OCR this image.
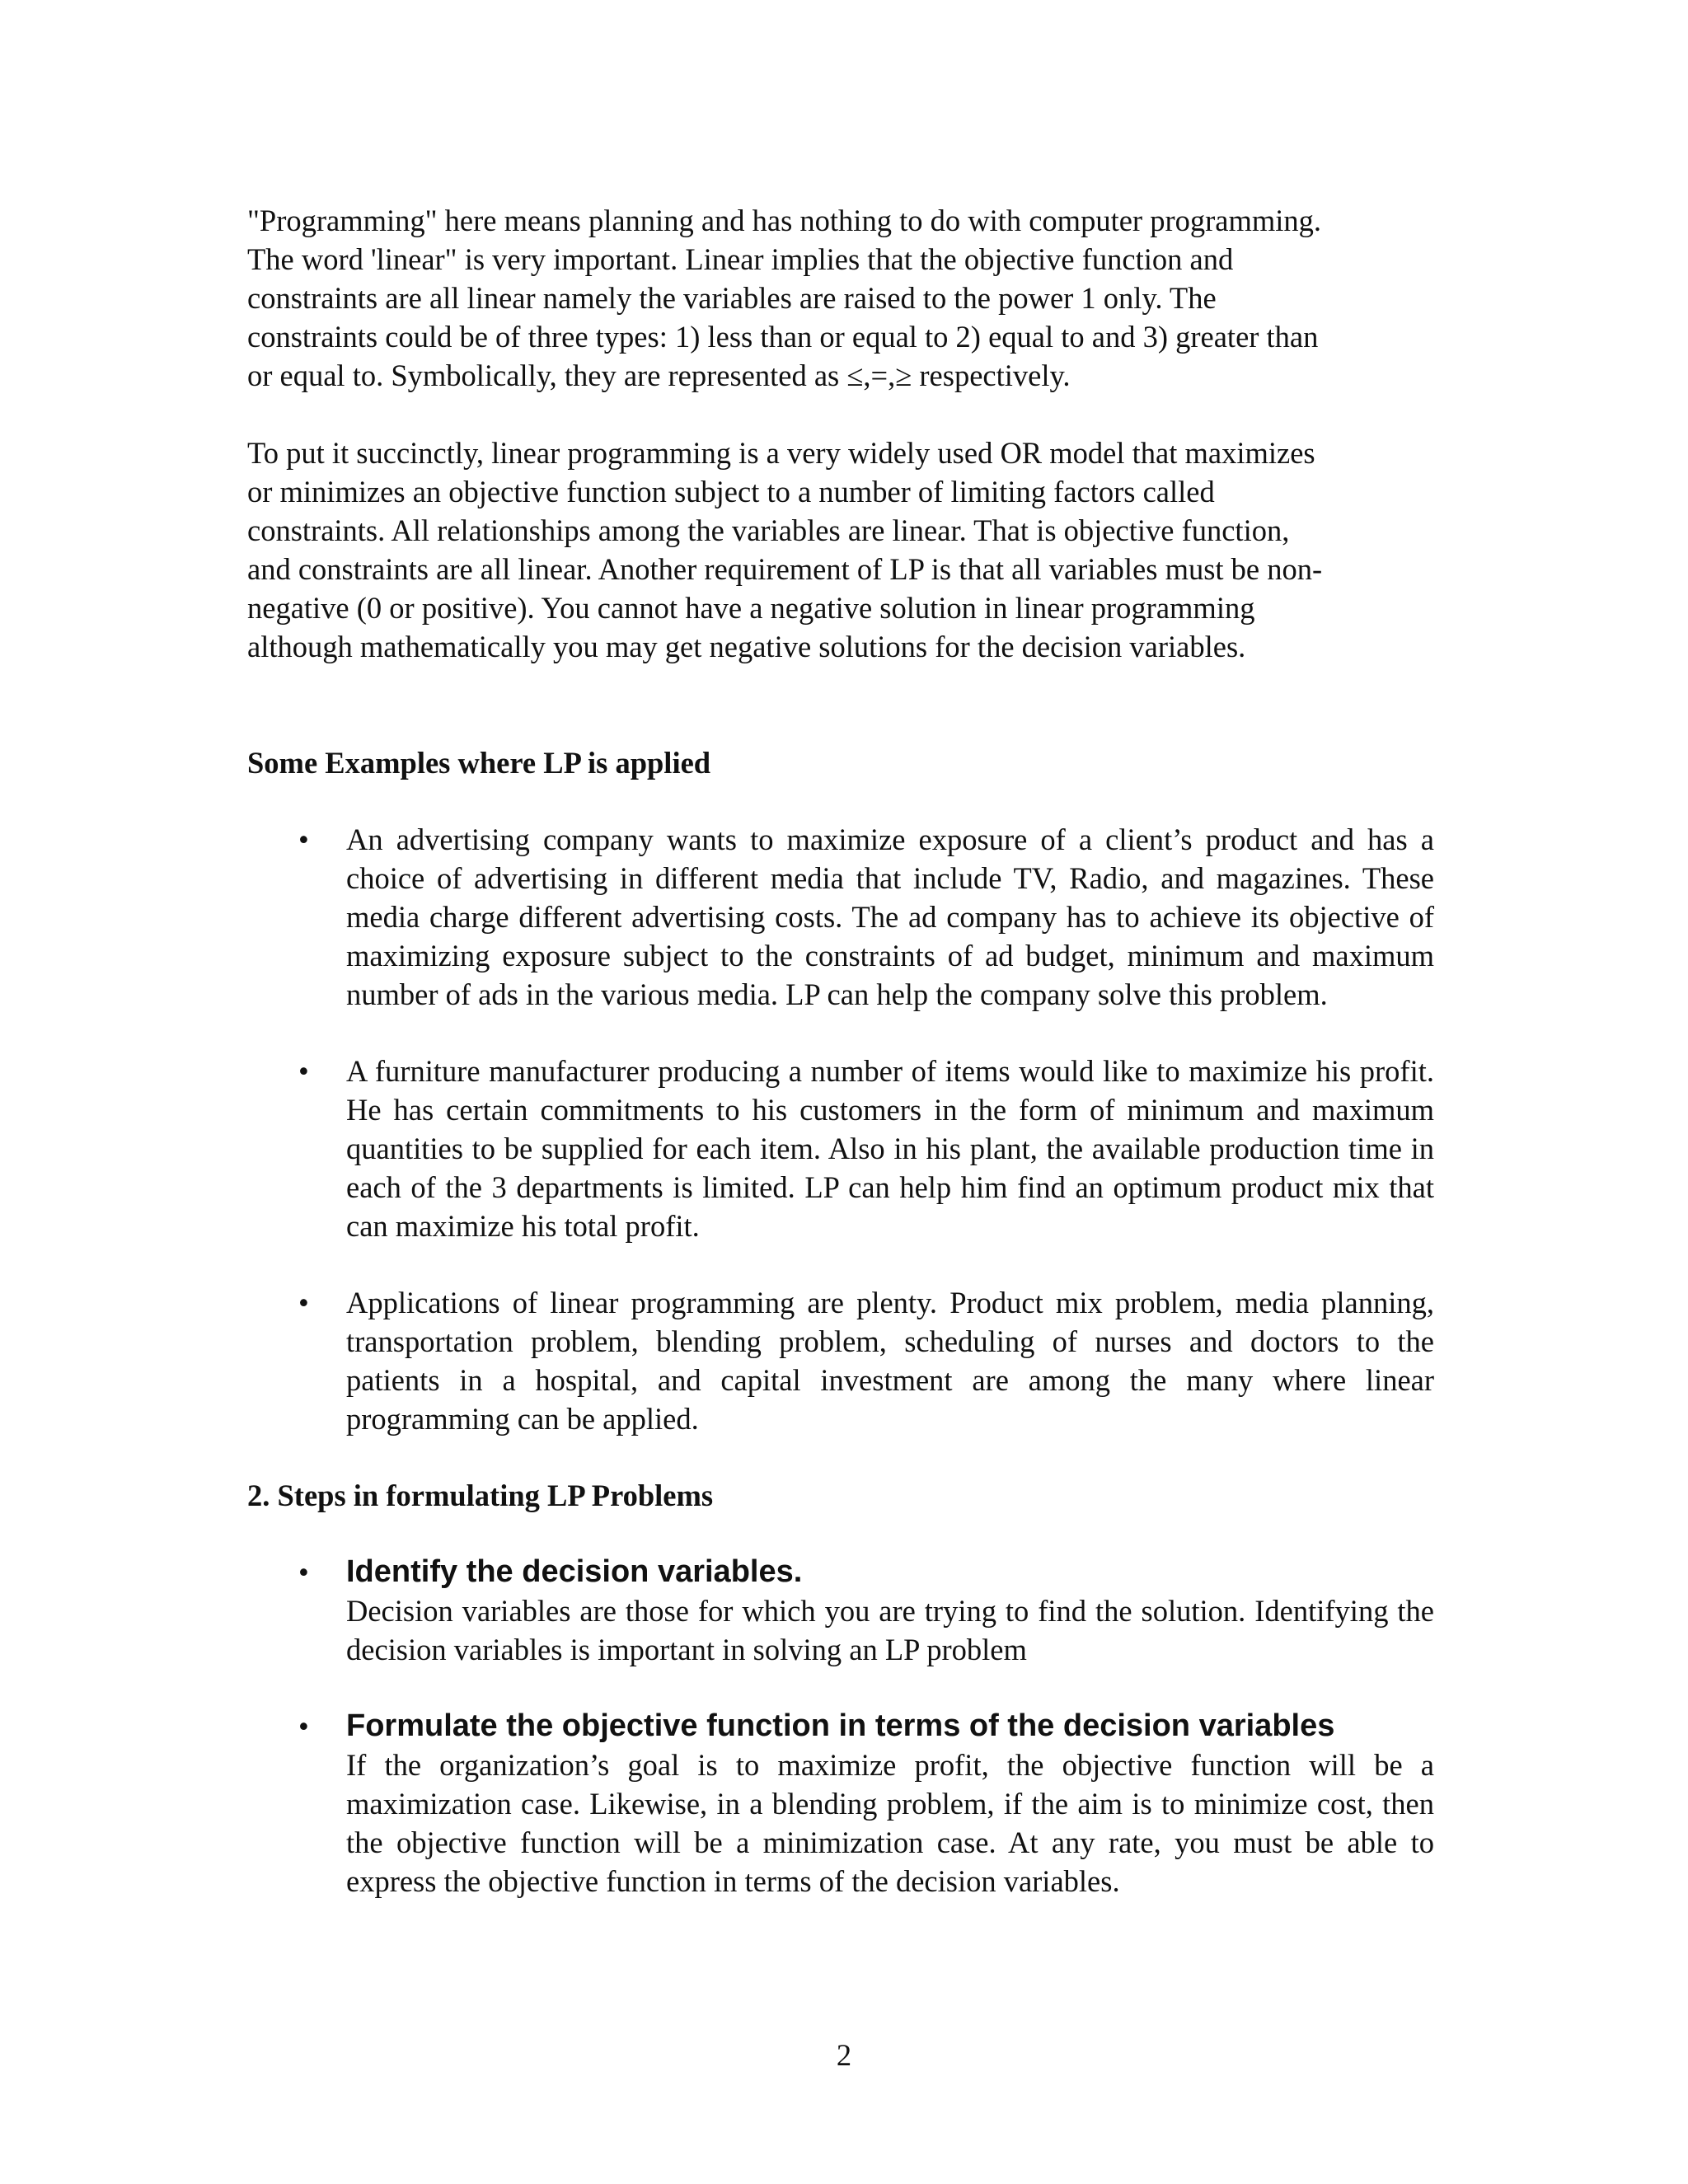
"Programming" here means planning and has nothing to do with computer programming.
The word 'linear" is very important. Linear implies that the objective function and
constraints are all linear namely the variables are raised to the power 1 only. The
constraints could be of three types: 1) less than or equal to 2) equal to and 3) greater than
or equal to. Symbolically, they are represented as ≤,=,≥ respectively.
To put it succinctly, linear programming is a very widely used OR model that maximizes
or minimizes an objective function subject to a number of limiting factors called
constraints. All relationships among the variables are linear. That is objective function,
and constraints are all linear. Another requirement of LP is that all variables must be non-
negative (0 or positive). You cannot have a negative solution in linear programming
although mathematically you may get negative solutions for the decision variables.
Some Examples where LP is applied
• An advertising company wants to maximize exposure of a client’s product and has a choice of advertising in different media that include TV, Radio, and magazines. These media charge different advertising costs. The ad company has to achieve its objective of maximizing exposure subject to the constraints of ad budget, minimum and maximum number of ads in the various media. LP can help the company solve this problem.

• A furniture manufacturer producing a number of items would like to maximize his profit. He has certain commitments to his customers in the form of minimum and maximum quantities to be supplied for each item. Also in his plant, the available production time in each of the 3 departments is limited. LP can help him find an optimum product mix that can maximize his total profit.

• Applications of linear programming are plenty. Product mix problem, media planning, transportation problem, blending problem, scheduling of nurses and doctors to the patients in a hospital, and capital investment are among the many where linear programming can be applied.

2. Steps in formulating LP Problems
• Identify the decision variables.

Decision variables are those for which you are trying to find the solution. Identifying the decision variables is important in solving an LP problem

• Formulate the objective function in terms of the decision variables

If the organization’s goal is to maximize profit, the objective function will be a maximization case. Likewise, in a blending problem, if the aim is to minimize cost, then the objective function will be a minimization case. At any rate, you must be able to express the objective function in terms of the decision variables.

2
